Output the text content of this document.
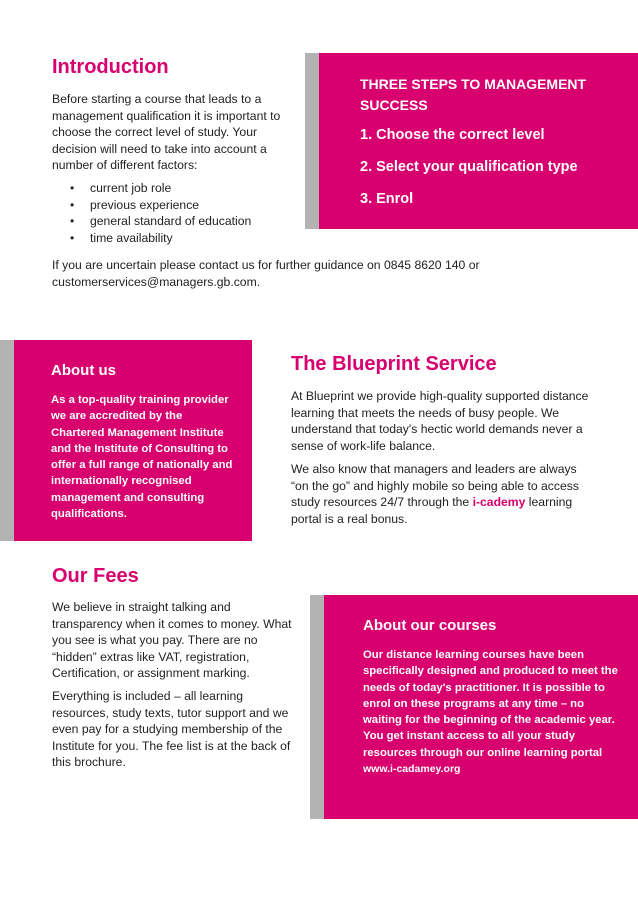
Introduction

Before starting a course that leads to a management qualification it is important to choose the correct level of study. Your decision will need to take into account a number of different factors:

• current job role
• previous experience
• general standard of education
• time availability

If you are uncertain please contact us for further guidance on 0845 8620 140 or customerservices@managers.gb.com.

THREE STEPS TO MANAGEMENT SUCCESS

1. Choose the correct level

2. Select your qualification type

3. Enrol

About us

As a top-quality training provider we are accredited by the Chartered Management Institute and the Institute of Consulting to offer a full range of nationally and internationally recognised management and consulting qualifications.

The Blueprint Service

At Blueprint we provide high-quality supported distance learning that meets the needs of busy people. We understand that today's hectic world demands never a sense of work-life balance.

We also know that managers and leaders are always “on the go” and highly mobile so being able to access study resources 24/7 through the i-cademy learning portal is a real bonus.

Our Fees

We believe in straight talking and transparency when it comes to money. What you see is what you pay. There are no “hidden” extras like VAT, registration, Certification, or assignment marking.

Everything is included – all learning resources, study texts, tutor support and we even pay for a studying membership of the Institute for you. The fee list is at the back of this brochure.

About our courses

Our distance learning courses have been specifically designed and produced to meet the needs of today's practitioner. It is possible to enrol on these programs at any time – no waiting for the beginning of the academic year. You get instant access to all your study resources through our online learning portal
www.i-cadamey.org
